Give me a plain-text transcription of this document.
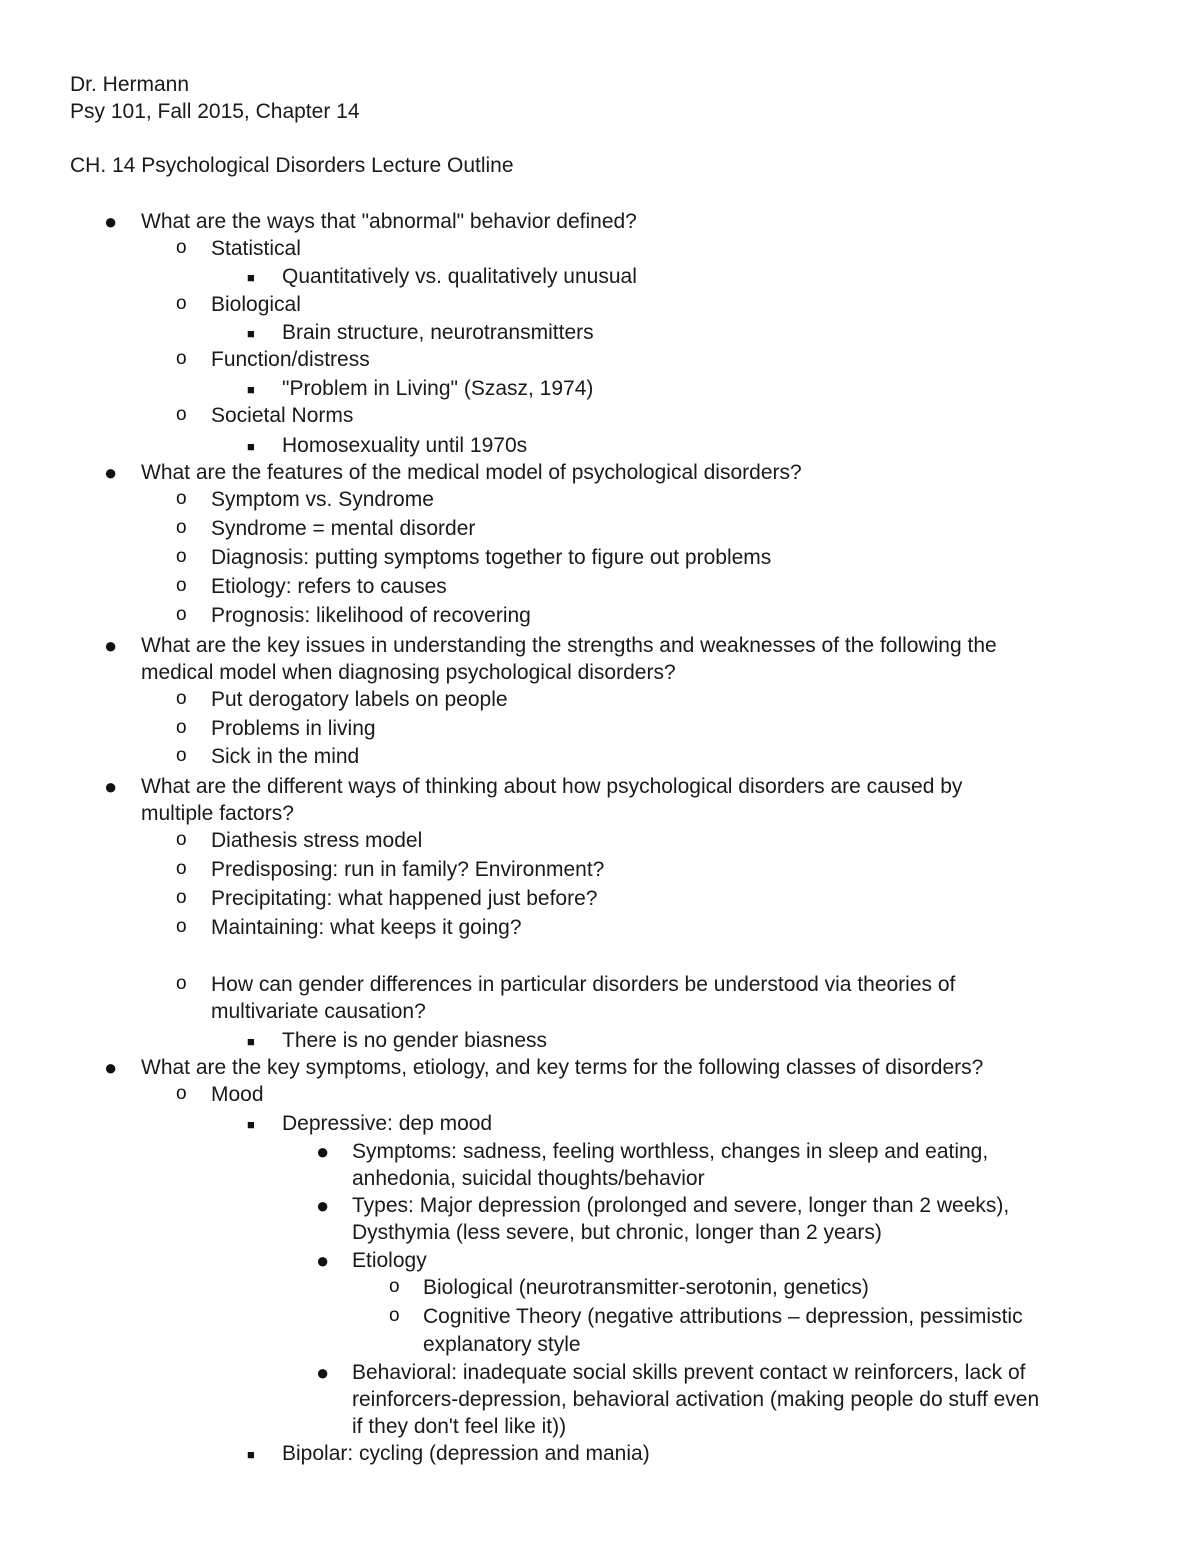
Dr. Hermann
Psy 101, Fall 2015, Chapter 14
CH. 14 Psychological Disorders Lecture Outline
What are the ways that "abnormal" behavior defined?
●
Statistical
o
Quantitatively vs. qualitatively unusual
■
Biological
o
Brain structure, neurotransmitters
■
Function/distress
o
"Problem in Living" (Szasz, 1974)
■
Societal Norms
o
Homosexuality until 1970s
■
What are the features of the medical model of psychological disorders?
●
Symptom vs. Syndrome
o
Syndrome = mental disorder
o
Diagnosis: putting symptoms together to figure out problems
o
Etiology: refers to causes
o
Prognosis: likelihood of recovering
o
What are the key issues in understanding the strengths and weaknesses of the following the
●
medical model when diagnosing psychological disorders?
Put derogatory labels on people
o
Problems in living
o
Sick in the mind
o
What are the different ways of thinking about how psychological disorders are caused by
●
multiple factors?
Diathesis stress model
o
Predisposing: run in family? Environment?
o
Precipitating: what happened just before?
o
Maintaining: what keeps it going?
o
How can gender differences in particular disorders be understood via theories of
o
multivariate causation?
There is no gender biasness
■
What are the key symptoms, etiology, and key terms for the following classes of disorders?
●
Mood
o
Depressive: dep mood
■
Symptoms: sadness, feeling worthless, changes in sleep and eating,
●
anhedonia, suicidal thoughts/behavior
Types: Major depression (prolonged and severe, longer than 2 weeks),
●
Dysthymia (less severe, but chronic, longer than 2 years)
Etiology
●
Biological (neurotransmitter-serotonin, genetics)
o
Cognitive Theory (negative attributions – depression, pessimistic
o
explanatory style
Behavioral: inadequate social skills prevent contact w reinforcers, lack of
●
reinforcers-depression, behavioral activation (making people do stuff even
if they don't feel like it))
Bipolar: cycling (depression and mania)
■
